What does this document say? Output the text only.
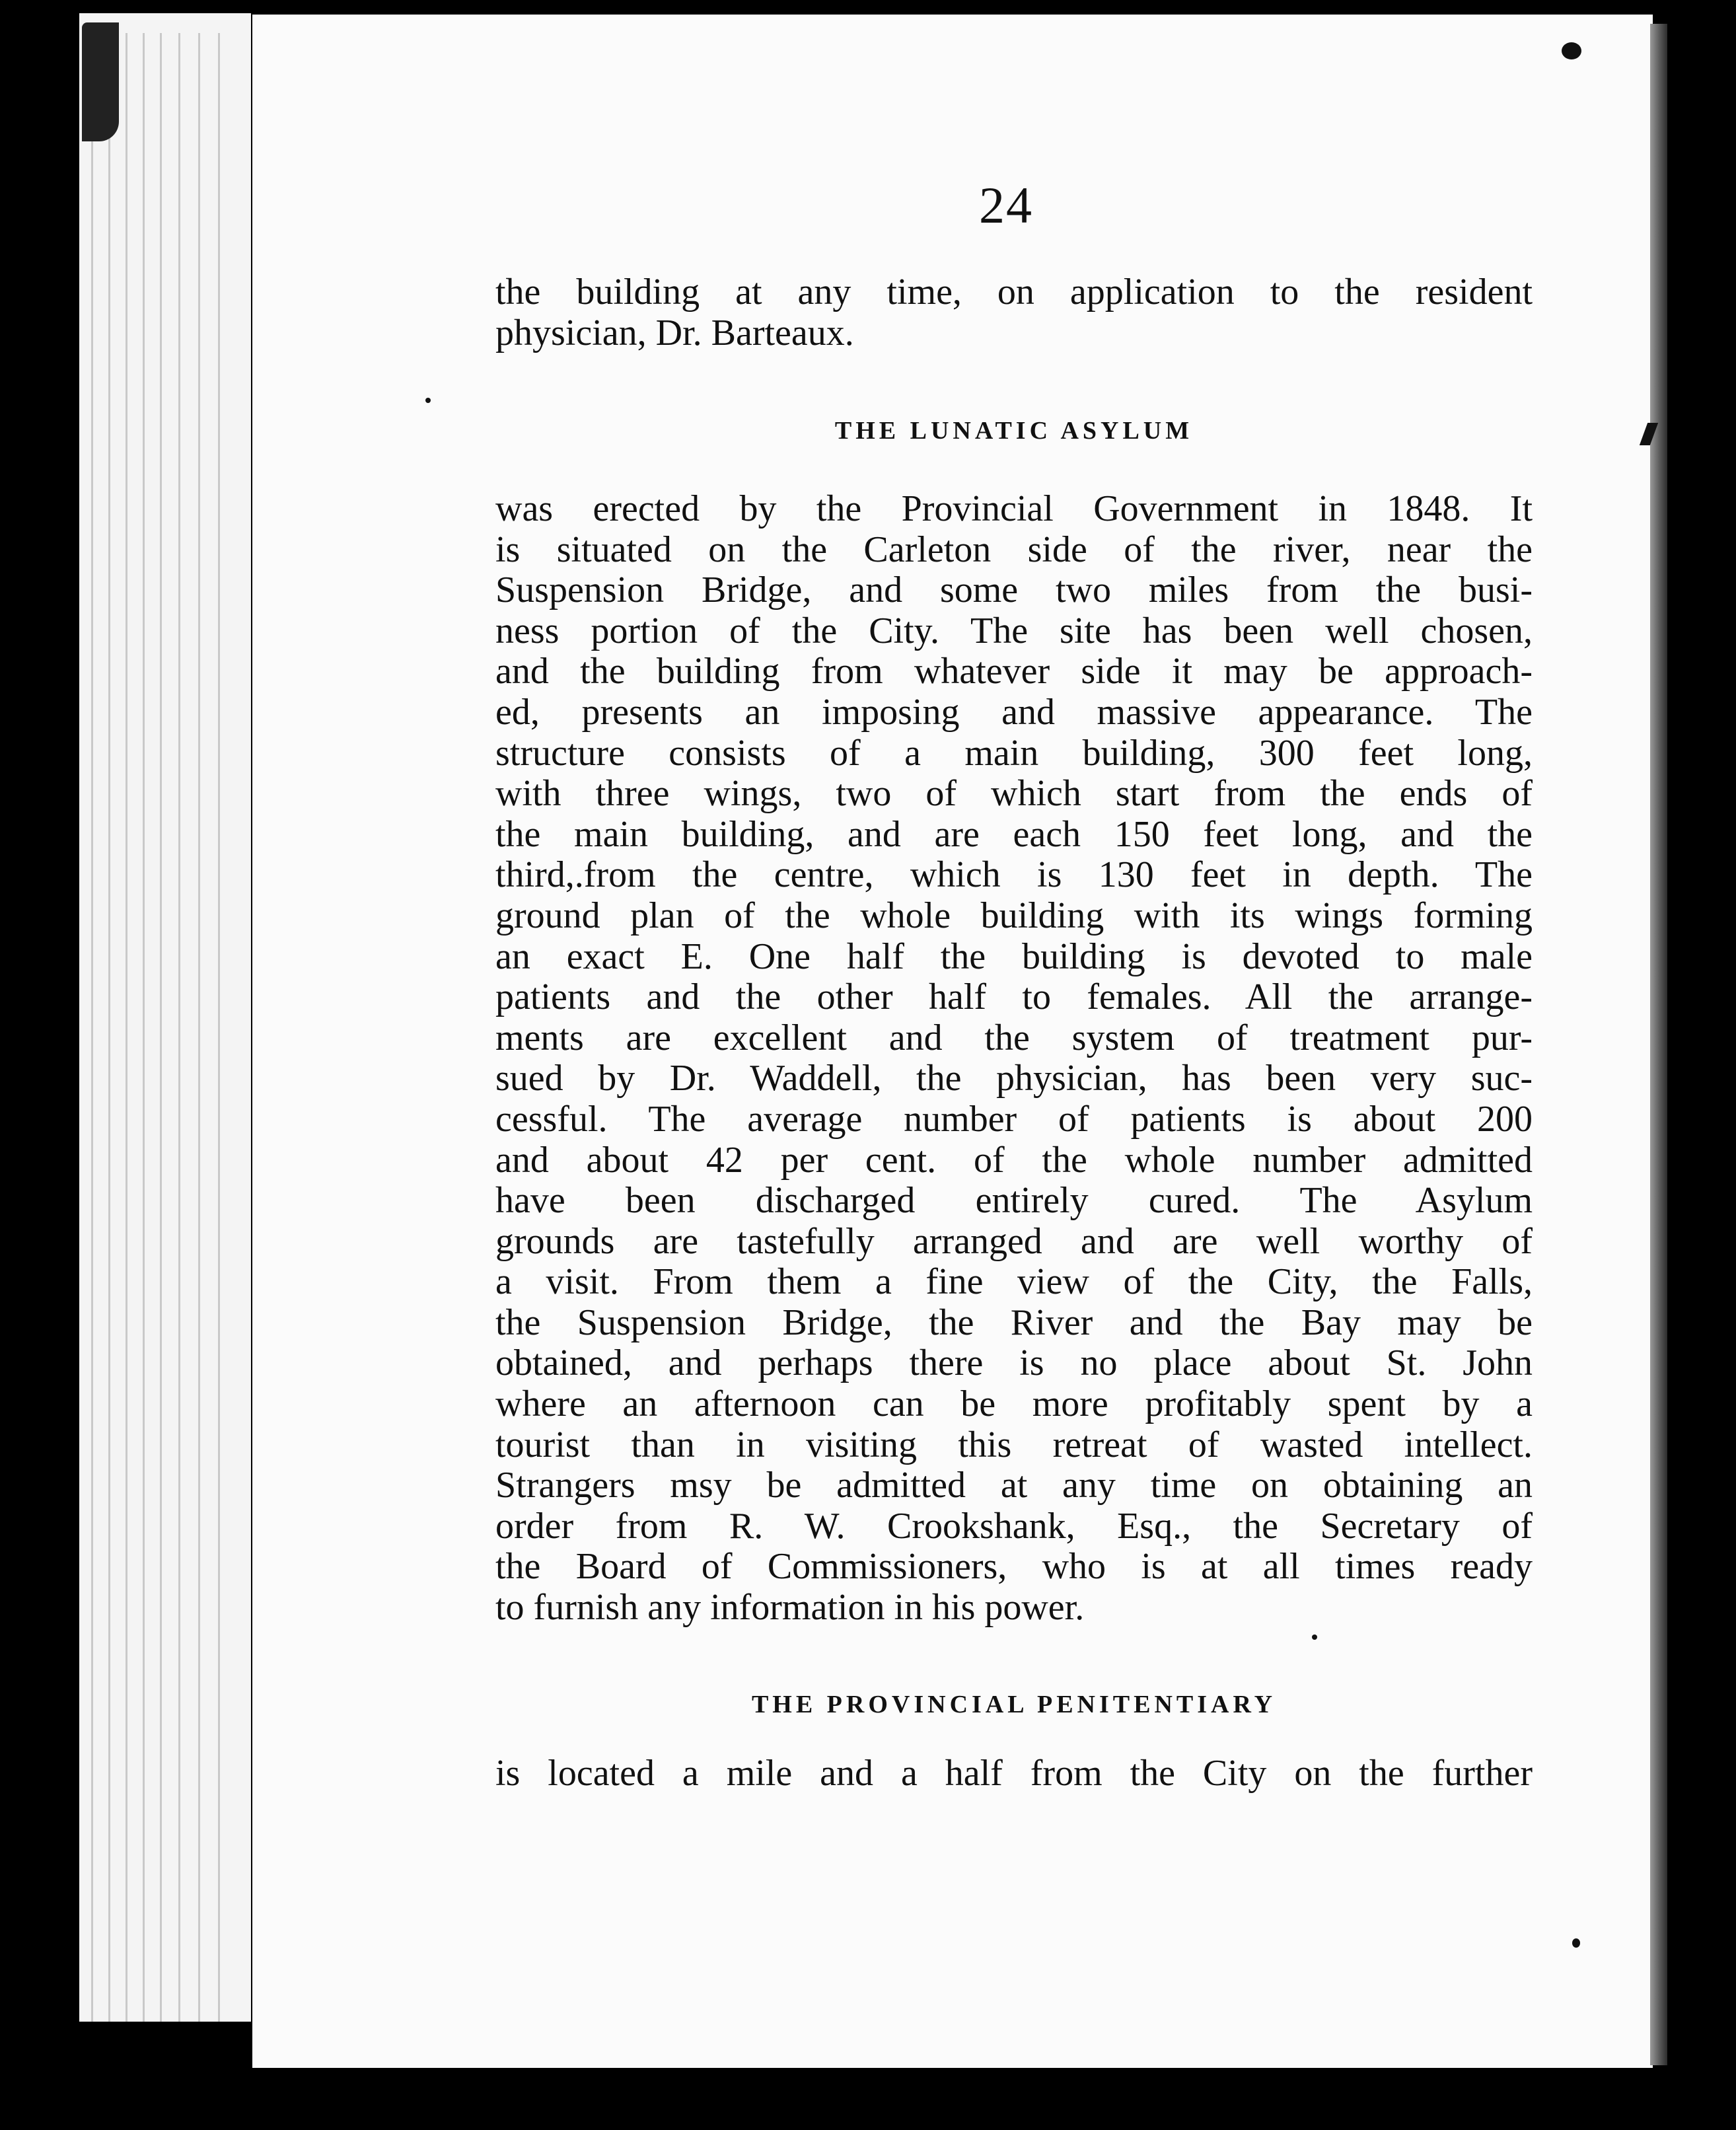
24
the building at any time, on application to the resident
physician, Dr. Barteaux.
THE LUNATIC ASYLUM
was erected by the Provincial Government in 1848. It
is situated on the Carleton side of the river, near the
Suspension Bridge, and some two miles from the busi-
ness portion of the City. The site has been well chosen,
and the building from whatever side it may be approach-
ed, presents an imposing and massive appearance. The
structure consists of a main building, 300 feet long,
with three wings, two of which start from the ends of
the main building, and are each 150 feet long, and the
third,.from the centre, which is 130 feet in depth. The
ground plan of the whole building with its wings forming
an exact E. One half the building is devoted to male
patients and the other half to females. All the arrange-
ments are excellent and the system of treatment pur-
sued by Dr. Waddell, the physician, has been very suc-
cessful. The average number of patients is about 200
and about 42 per cent. of the whole number admitted
have been discharged entirely cured. The Asylum
grounds are tastefully arranged and are well worthy of
a visit. From them a fine view of the City, the Falls,
the Suspension Bridge, the River and the Bay may be
obtained, and perhaps there is no place about St. John
where an afternoon can be more profitably spent by a
tourist than in visiting this retreat of wasted intellect.
Strangers msy be admitted at any time on obtaining an
order from R. W. Crookshank, Esq., the Secretary of
the Board of Commissioners, who is at all times ready
to furnish any information in his power.
THE PROVINCIAL PENITENTIARY
is located a mile and a half from the City on the further
